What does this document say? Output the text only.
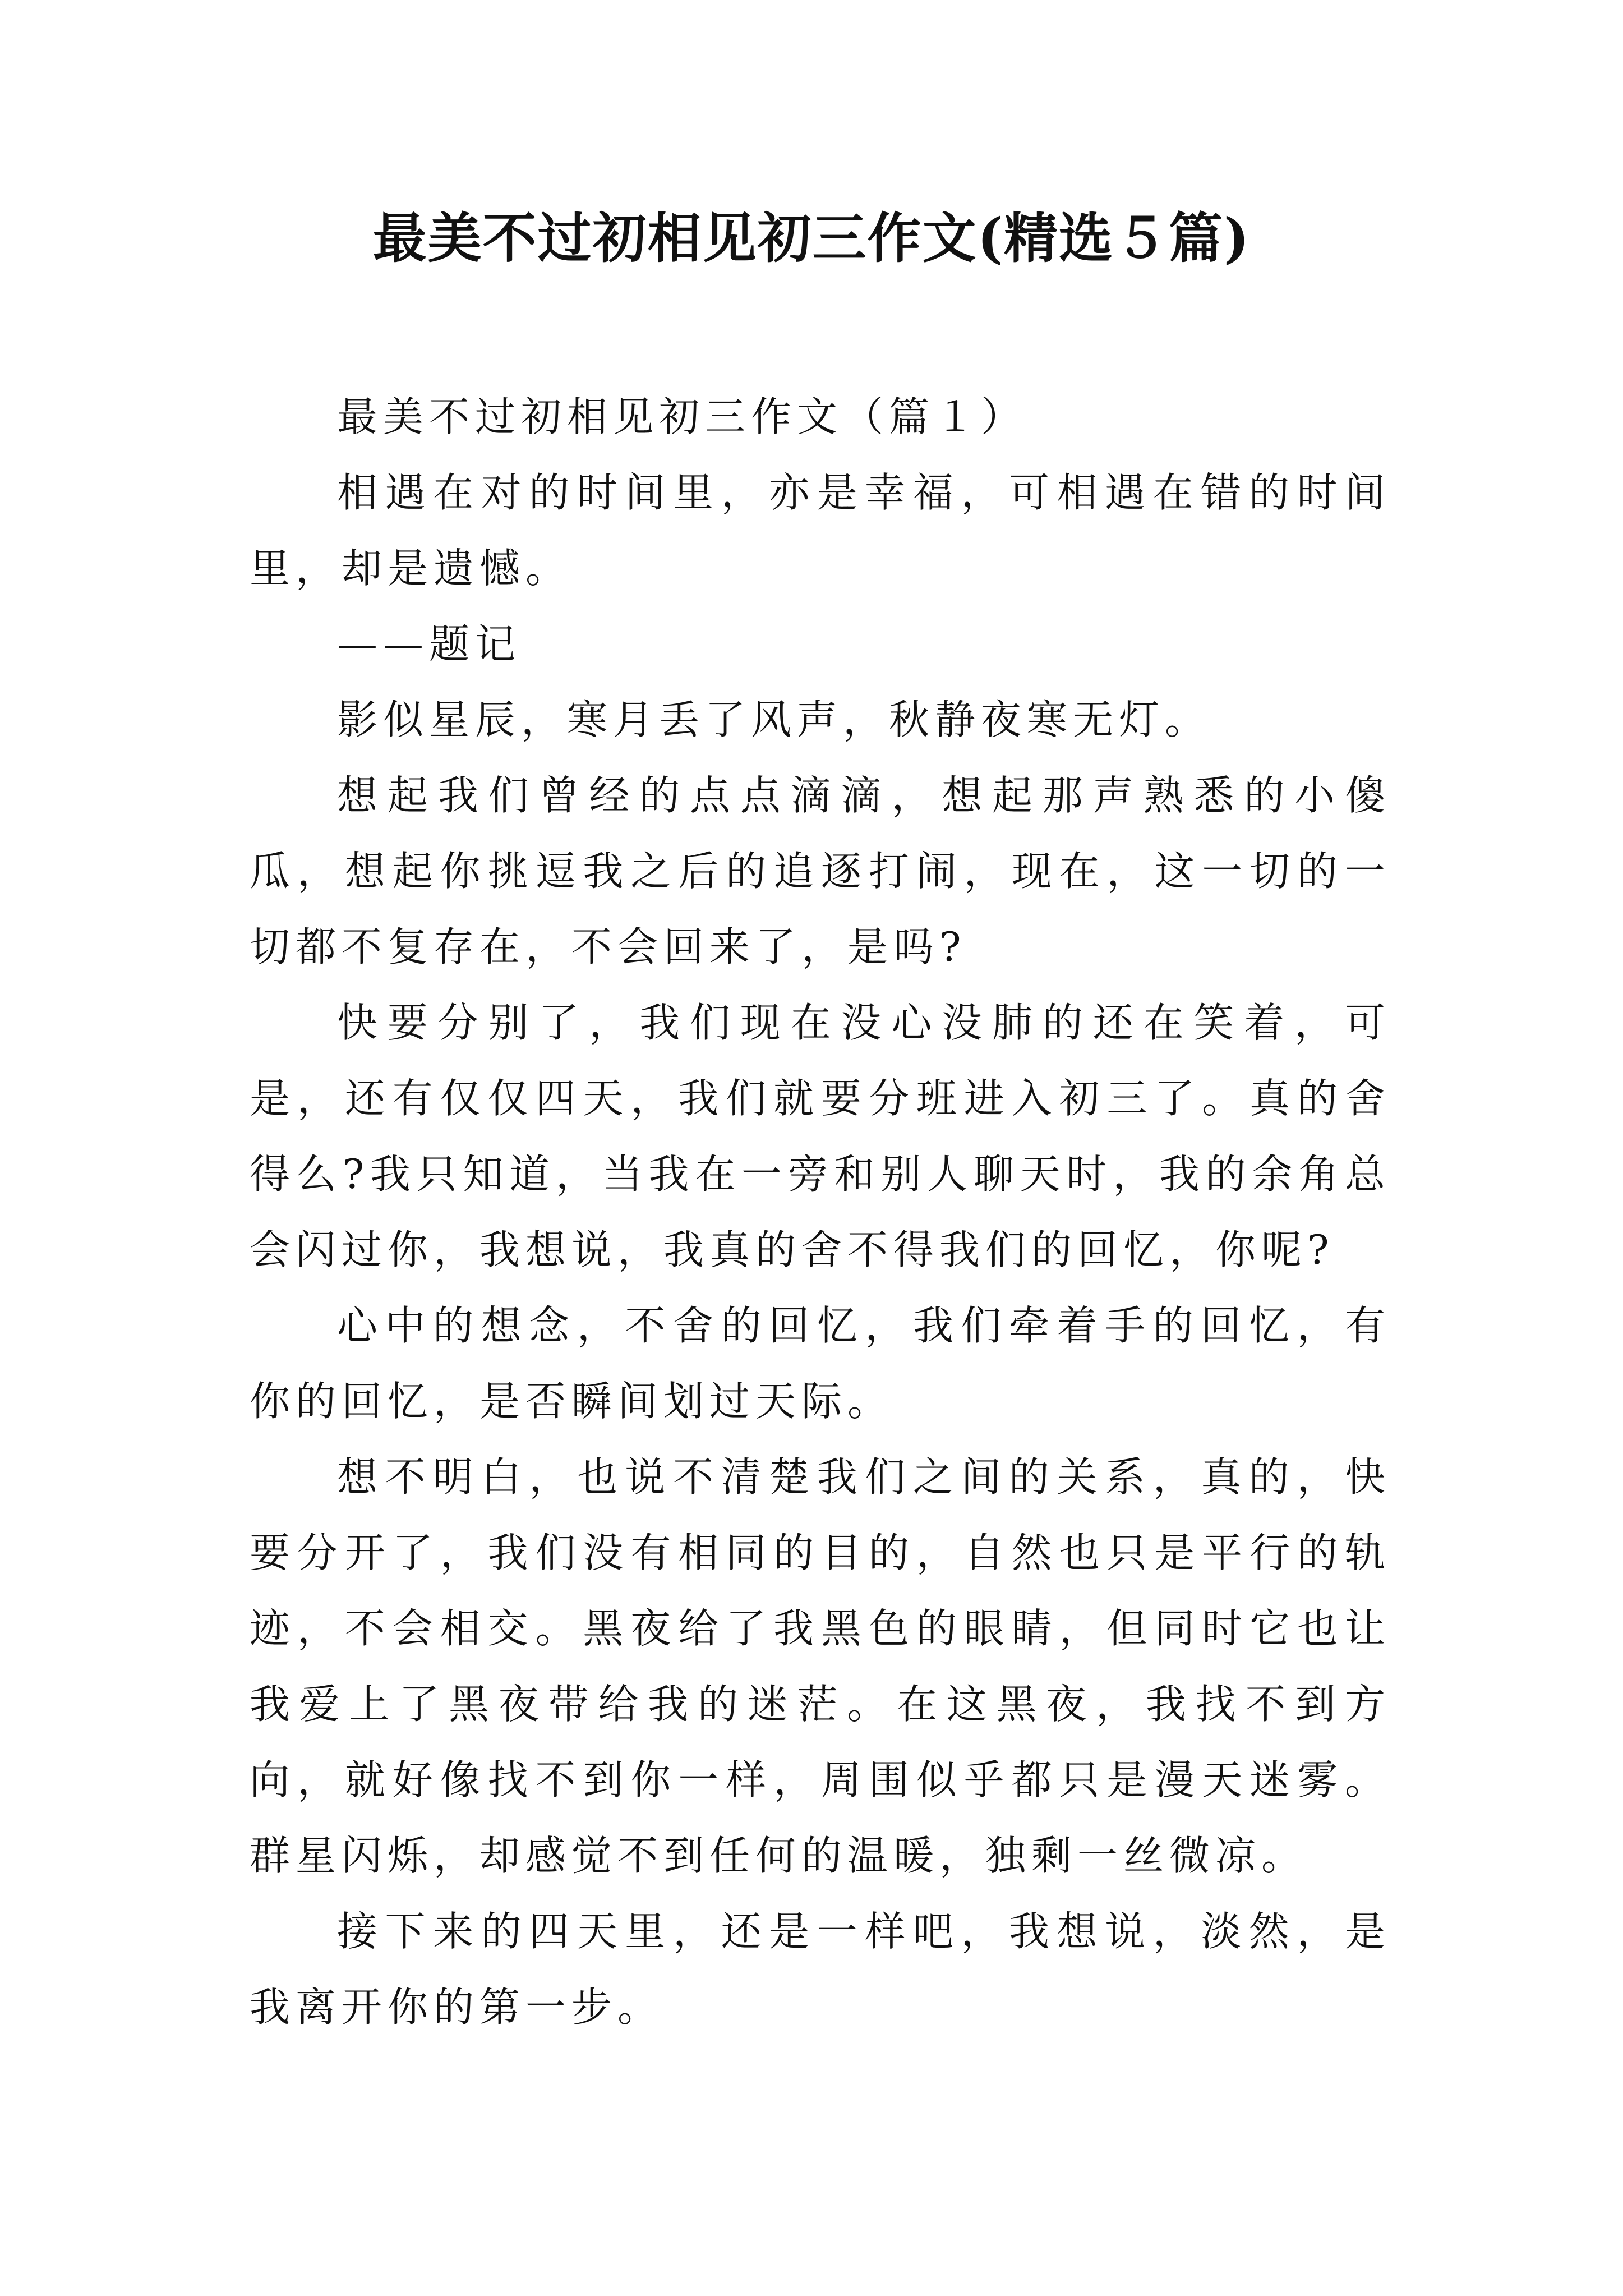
最美不过初相见初三作文(精选５篇)

最美不过初相见初三作文（篇１）

相遇在对的时间里，亦是幸福，可相遇在错的时间里，却是遗憾。

——题记

影似星辰，寒月丢了风声，秋静夜寒无灯。

想起我们曾经的点点滴滴，想起那声熟悉的小傻瓜，想起你挑逗我之后的追逐打闹，现在，这一切的一切都不复存在，不会回来了，是吗?

快要分别了，我们现在没心没肺的还在笑着，可是，还有仅仅四天，我们就要分班进入初三了。真的舍得么?我只知道，当我在一旁和别人聊天时，我的余角总会闪过你，我想说，我真的舍不得我们的回忆，你呢?

心中的想念，不舍的回忆，我们牵着手的回忆，有你的回忆，是否瞬间划过天际。

想不明白，也说不清楚我们之间的关系，真的，快要分开了，我们没有相同的目的，自然也只是平行的轨迹，不会相交。黑夜给了我黑色的眼睛，但同时它也让我爱上了黑夜带给我的迷茫。在这黑夜，我找不到方向，就好像找不到你一样，周围似乎都只是漫天迷雾。群星闪烁，却感觉不到任何的温暖，独剩一丝微凉。

接下来的四天里，还是一样吧，我想说，淡然，是我离开你的第一步。
